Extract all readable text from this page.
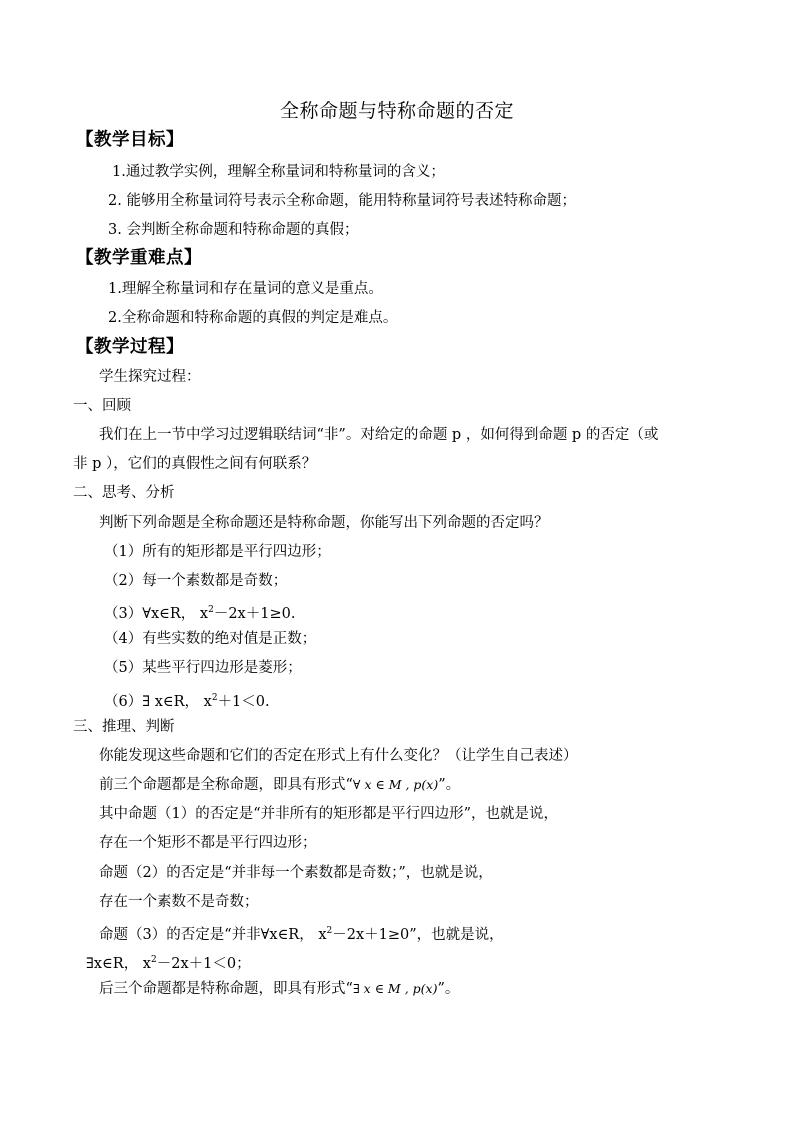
全称命题与特称命题的否定
【教学目标】
1.通过教学实例，理解全称量词和特称量词的含义；
2. 能够用全称量词符号表示全称命题，能用特称量词符号表述特称命题；
3. 会判断全称命题和特称命题的真假；
【教学重难点】
1.理解全称量词和存在量词的意义是重点。
2.全称命题和特称命题的真假的判定是难点。
【教学过程】
学生探究过程：
一、回顾
我们在上一节中学习过逻辑联结词“非”。对给定的命题 p ，如何得到命题 p 的否定（或
非 p ），它们的真假性之间有何联系？
二、思考、分析
判断下列命题是全称命题还是特称命题，你能写出下列命题的否定吗？
（1）所有的矩形都是平行四边形；
（2）每一个素数都是奇数；
（3）∀x∈R， $x^2-2x+1\ge 0$.
（4）有些实数的绝对值是正数；
（5）某些平行四边形是菱形；
（6）∃ x∈R， $x^2+1<0$.
三、推理、判断
你能发现这些命题和它们的否定在形式上有什么变化？（让学生自己表述）
前三个命题都是全称命题，即具有形式“∀ x ∈ M , p(x)”。
其中命题（1）的否定是“并非所有的矩形都是平行四边形”，也就是说，
存在一个矩形不都是平行四边形；
命题（2）的否定是“并非每一个素数都是奇数；”，也就是说，
存在一个素数不是奇数；
命题（3）的否定是“并非∀x∈R， $x^2-2x+1\ge 0$”，也就是说，
∃x∈R， $x^2-2x+1<0$；
后三个命题都是特称命题，即具有形式“∃ x ∈ M , p(x)”。
